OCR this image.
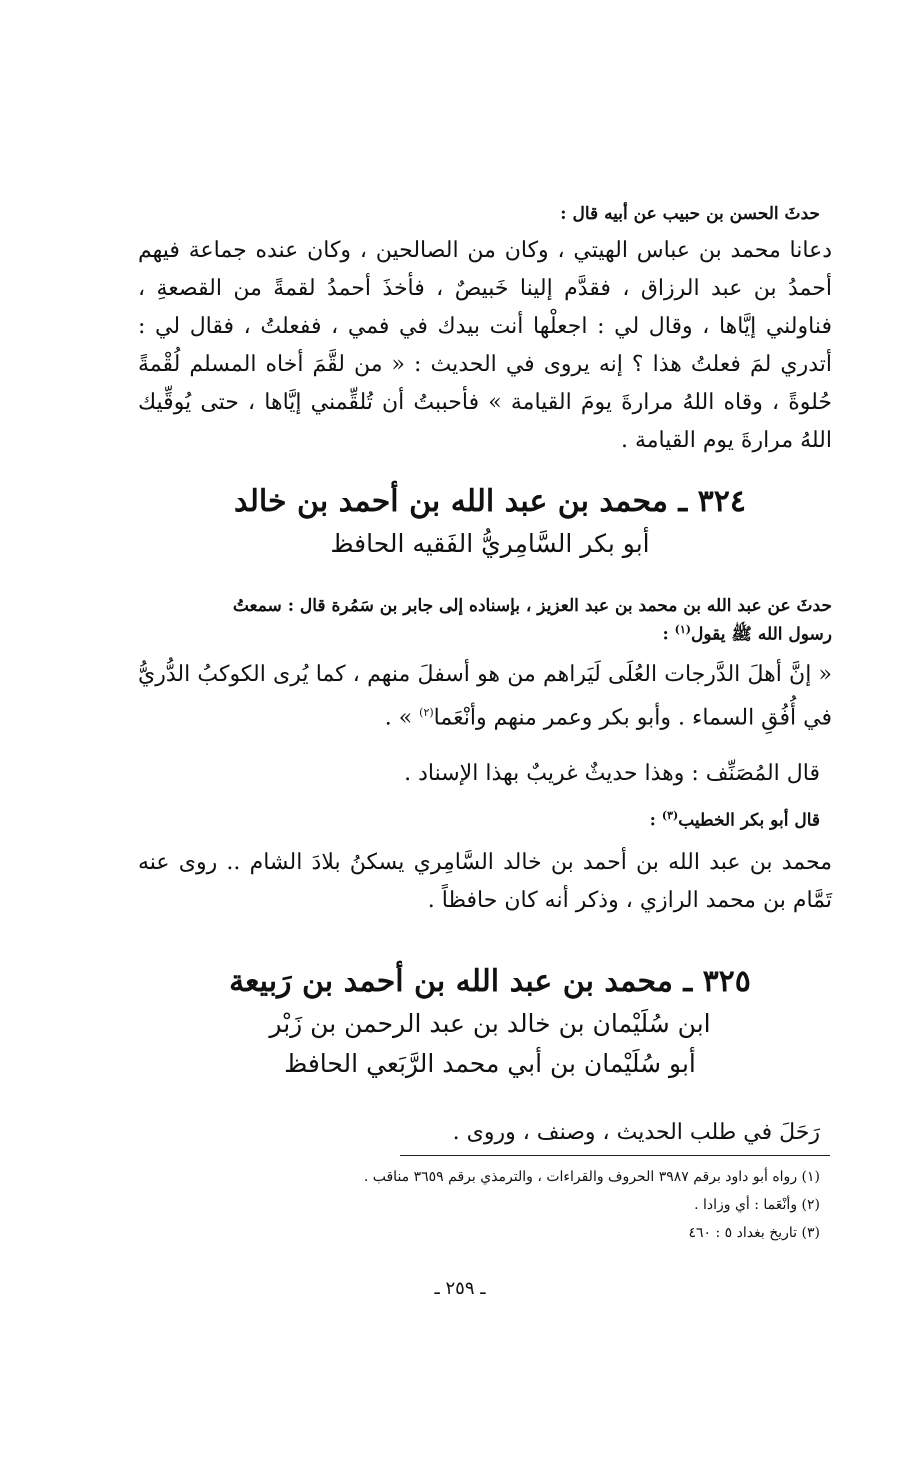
حدثَ الحسن بن حبيب عن أبيه قال :
دعانا محمد بن عباس الهيتي ، وكان من الصالحين ، وكان عنده جماعة فيهم أحمدُ بن عبد الرزاق ، فقدَّم إلينا خَبيصٌ ، فأخذَ أحمدُ لقمةً من القصعةِ ، فناولني إيَّاها ، وقال لي : اجعلْها أنت بيدك في فمي ، ففعلتُ ، فقال لي : أتدري لمَ فعلتُ هذا ؟ إنه يروى في الحديث : « من لقَّمَ أخاه المسلم لُقْمةً حُلوةً ، وقاه اللهُ مرارةَ يومَ القيامة » فأحببتُ أن تُلقِّمني إيَّاها ، حتى يُوقِّيك اللهُ مرارةَ يوم القيامة .
٣٢٤ ـ محمد بن عبد الله بن أحمد بن خالد
أبو بكر السَّامِريُّ الفَقيه الحافظ
حدثَ عن عبد الله بن محمد بن عبد العزيز ، بإسناده إلى جابر بن سَمُرة قال : سمعتُ
رسول الله ﷺ يقول$^{(١)}$ :
« إنَّ أهلَ الدَّرجات العُلَى لَيَراهم من هو أسفلَ منهم ، كما يُرى الكوكبُ الدُّريُّ في أُفُقِ السماء . وأبو بكر وعمر منهم وأنْعَما$^{(٢)}$ » .
قال المُصَنِّف : وهذا حديثٌ غريبٌ بهذا الإسناد .
قال أبو بكر الخطيب$^{(٣)}$ :
محمد بن عبد الله بن أحمد بن خالد السَّامِري يسكنُ بلادَ الشام .. روى عنه تَمَّام بن محمد الرازي ، وذكر أنه كان حافظاً .
٣٢٥ ـ محمد بن عبد الله بن أحمد بن رَبيعة
ابن سُلَيْمان بن خالد بن عبد الرحمن بن زَبْر
أبو سُلَيْمان بن أبي محمد الرَّبَعي الحافظ
رَحَلَ في طلب الحديث ، وصنف ، وروى .
(١) رواه أبو داود برقم ٣٩٨٧ الحروف والقراءات ، والترمذي برقم ٣٦٥٩ مناقب .
(٢) وأنْعَما : أي وزادا .
(٣) تاريخ بغداد ٥ : ٤٦٠
ـ ٢٥٩ ـ
